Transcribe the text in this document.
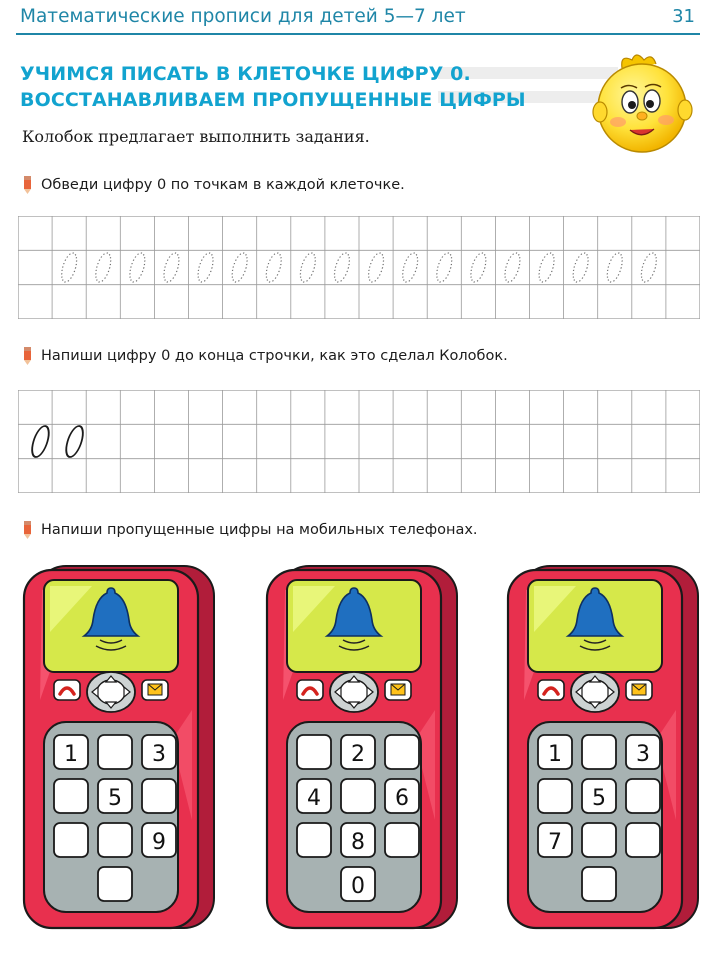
Математические прописи для детей 5—7 лет	31
УЧИМСЯ ПИСАТЬ В КЛЕТОЧКЕ ЦИФРУ 0.
ВОССТАНАВЛИВАЕМ ПРОПУЩЕННЫЕ ЦИФРЫ
Колобок предлагает выполнить задания.
Обведи цифру 0 по точкам в каждой клеточке.
Напиши цифру 0 до конца строчки, как это сделал Колобок.
Напиши пропущенные цифры на мобильных телефонах.
1	3
5
9
2
4	6
8
0
1	3
5
7
